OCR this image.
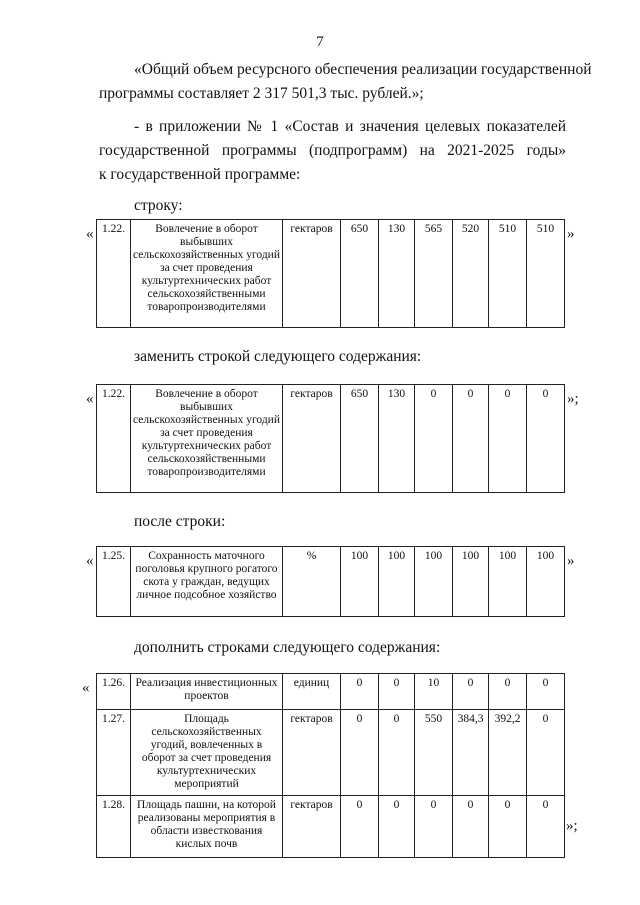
7
«Общий объем ресурсного обеспечения реализации государственной
программы составляет 2 317 501,3 тыс. рублей.»;
- в приложении № 1 «Состав и значения целевых показателей
государственной программы (подпрограмм) на 2021-2025 годы»
к государственной программе:
строку:
« 1.22.	Вовлечение в оборот выбывших сельскохозяйственных угодий за счет проведения культуртехнических работ сельскохозяйственными товаропроизводителями	гектаров	650	130	565	520	510	510 »
заменить строкой следующего содержания:
« 1.22.	Вовлечение в оборот выбывших сельскохозяйственных угодий за счет проведения культуртехнических работ сельскохозяйственными товаропроизводителями	гектаров	650	130	0	0	0	0 »;
после строки:
« 1.25.	Сохранность маточного поголовья крупного рогатого скота у граждан, ведущих личное подсобное хозяйство	%	100	100	100	100	100	100 »
дополнить строками следующего содержания:
« 1.26.	Реализация инвестиционных проектов	единиц	0	0	10	0	0	0
1.27.	Площадь сельскохозяйственных угодий, вовлеченных в оборот за счет проведения культуртехнических мероприятий	гектаров	0	0	550	384,3	392,2	0
1.28.	Площадь пашни, на которой реализованы мероприятия в области известкования кислых почв	гектаров	0	0	0	0	0	0
»;
